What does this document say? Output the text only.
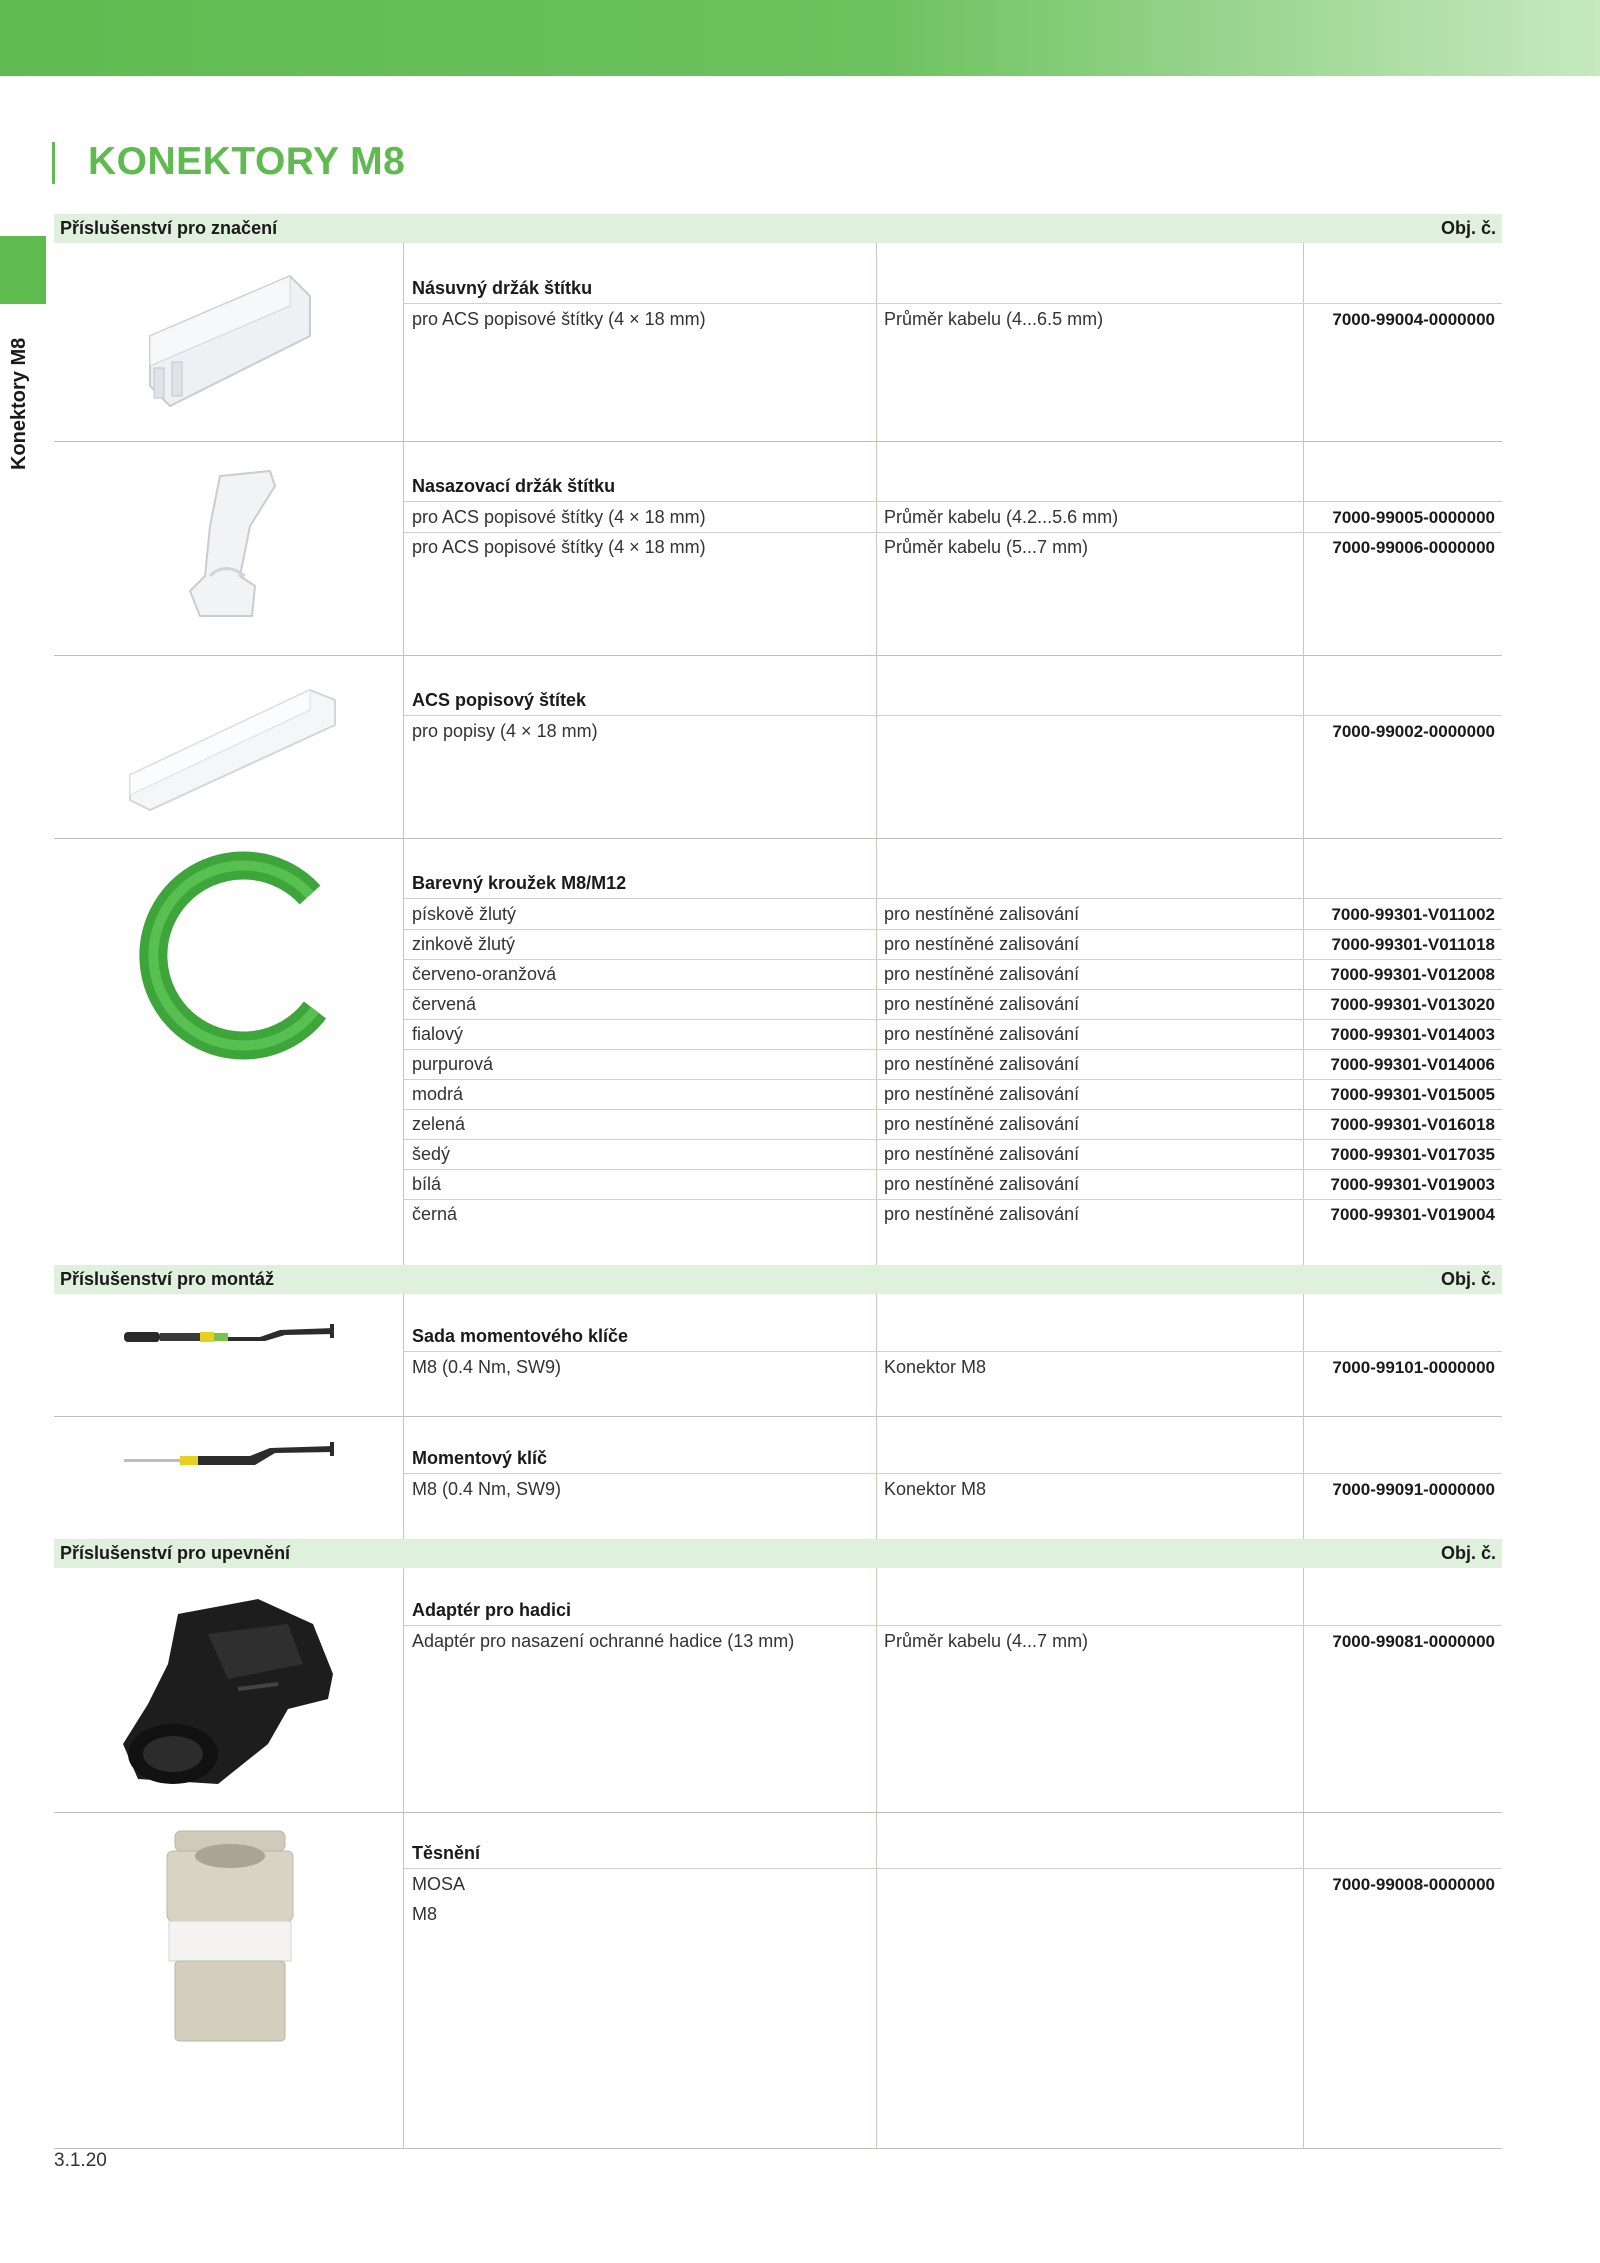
KONEKTORY M8
Konektory M8
Příslušenství pro značení	Obj. č.
Násuvný držák štítku
pro ACS popisové štítky (4 × 18 mm)	Průměr kabelu (4...6.5 mm)	7000-99004-0000000
Nasazovací držák štítku
pro ACS popisové štítky (4 × 18 mm)	Průměr kabelu (4.2...5.6 mm)	7000-99005-0000000
pro ACS popisové štítky (4 × 18 mm)	Průměr kabelu (5...7 mm)	7000-99006-0000000
ACS popisový štítek
pro popisy (4 × 18 mm)	7000-99002-0000000
Barevný kroužek M8/M12
pískově žlutý	pro nestíněné zalisování	7000-99301-V011002
zinkově žlutý	pro nestíněné zalisování	7000-99301-V011018
červeno-oranžová	pro nestíněné zalisování	7000-99301-V012008
červená	pro nestíněné zalisování	7000-99301-V013020
fialový	pro nestíněné zalisování	7000-99301-V014003
purpurová	pro nestíněné zalisování	7000-99301-V014006
modrá	pro nestíněné zalisování	7000-99301-V015005
zelená	pro nestíněné zalisování	7000-99301-V016018
šedý	pro nestíněné zalisování	7000-99301-V017035
bílá	pro nestíněné zalisování	7000-99301-V019003
černá	pro nestíněné zalisování	7000-99301-V019004
Příslušenství pro montáž	Obj. č.
Sada momentového klíče
M8 (0.4 Nm, SW9)	Konektor M8	7000-99101-0000000
Momentový klíč
M8 (0.4 Nm, SW9)	Konektor M8	7000-99091-0000000
Příslušenství pro upevnění	Obj. č.
Adaptér pro hadici
Adaptér pro nasazení ochranné hadice (13 mm)	Průměr kabelu (4...7 mm)	7000-99081-0000000
Těsnění
MOSA	7000-99008-0000000
M8
3.1.20
